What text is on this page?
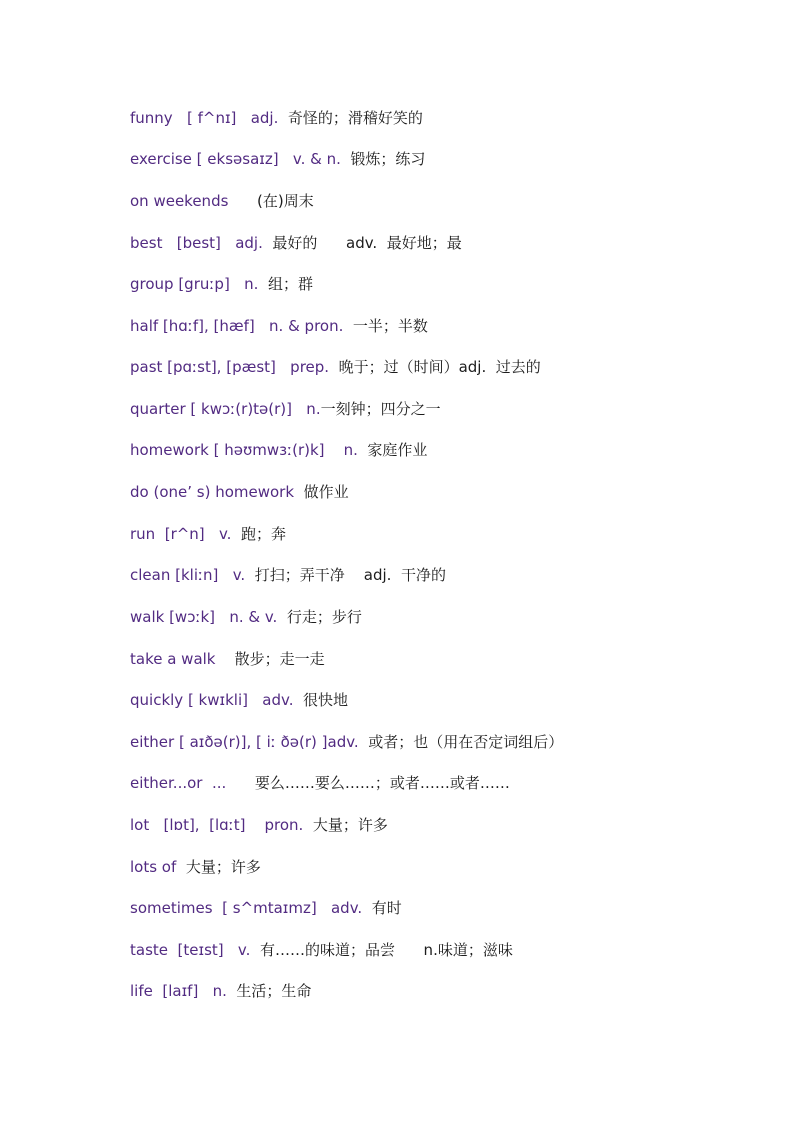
funny   [ f^nɪ]   adj.  奇怪的；滑稽好笑的
exercise [ eksəsaɪz]   v. & n.  锻炼；练习
on weekends      (在)周末
best   [best]   adj.  最好的      adv.  最好地；最
group [gruːp]   n.  组；群
half [hɑːf], [hæf]   n. & pron.  一半；半数
past [pɑːst], [pæst]   prep.  晚于；过（时间）adj.  过去的
quarter [ kwɔː(r)tə(r)]   n.一刻钟；四分之一
homework [ həʊmwɜː(r)k]    n.  家庭作业
do (one’ s) homework  做作业
run  [r^n]   v.  跑；奔
clean [kliːn]   v.  打扫；弄干净    adj.  干净的
walk [wɔːk]   n. & v.  行走；步行
take a walk    散步；走一走
quickly [ kwɪkli]   adv.  很快地
either [ aɪðə(r)], [ iː ðə(r) ]adv.  或者；也（用在否定词组后）
either...or  ...      要么……要么……；或者……或者……
lot   [lɒt],  [lɑːt]    pron.  大量；许多
lots of  大量；许多
sometimes  [ s^mtaɪmz]   adv.  有时
taste  [teɪst]   v.  有……的味道；品尝      n.味道；滋味
life  [laɪf]   n.  生活；生命
